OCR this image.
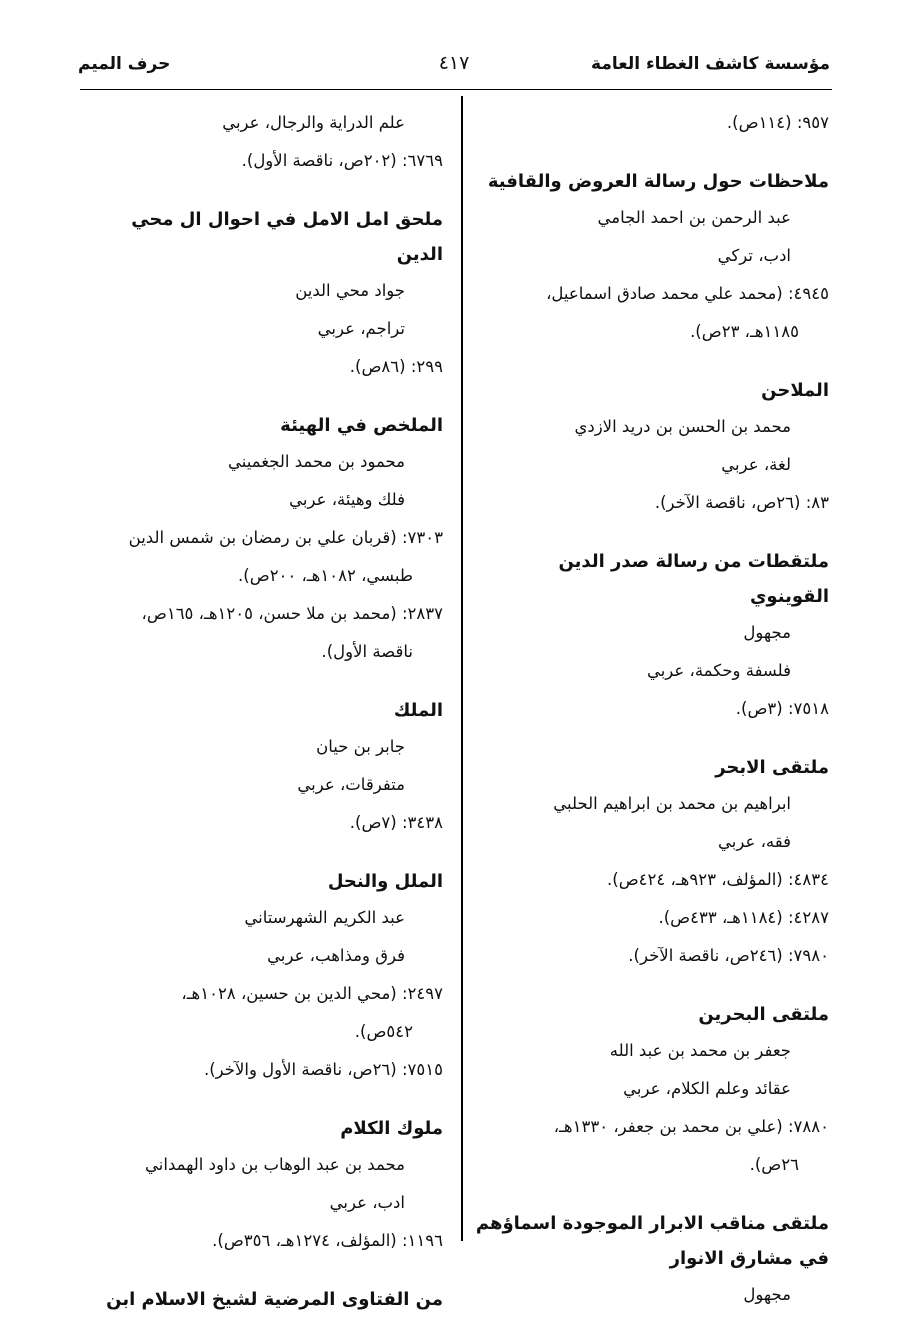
مؤسسة كاشف الغطاء العامة
٤١٧
حرف الميم
٩٥٧: (١١٤ص).
ملاحظات حول رسالة العروض والقافية
عبد الرحمن بن احمد الجامي
ادب، تركي
٤٩٤٥: (محمد علي محمد صادق اسماعيل،
١١٨٥هـ، ٢٣ص).
الملاحن
محمد بن الحسن بن دريد الازدي
لغة، عربي
٨٣: (٢٦ص، ناقصة الآخر).
ملتقطات من رسالة صدر الدين القوينوي
مجهول
فلسفة وحكمة، عربي
٧٥١٨: (٣ص).
ملتقى الابحر
ابراهيم بن محمد بن ابراهيم الحلبي
فقه، عربي
٤٨٣٤: (المؤلف، ٩٢٣هـ، ٤٢٤ص).
٤٢٨٧: (١١٨٤هـ، ٤٣٣ص).
٧٩٨٠: (٢٤٦ص، ناقصة الآخر).
ملتقى البحرين
جعفر بن محمد بن عبد الله
عقائد وعلم الكلام، عربي
٧٨٨٠: (علي بن محمد بن جعفر، ١٣٣٠هـ،
٢٦ص).
ملتقى مناقب الابرار الموجودة اسماؤهم في مشارق الانوار
مجهول
علم الدراية والرجال، عربي
٦٧٦٩: (٢٠٢ص، ناقصة الأول).
ملحق امل الامل في احوال ال محي الدين
جواد محي الدين
تراجم، عربي
٢٩٩: (٨٦ص).
الملخص في الهيئة
محمود بن محمد الجغميني
فلك وهيئة، عربي
٧٣٠٣: (قربان علي بن رمضان بن شمس الدين
طبسي، ١٠٨٢هـ، ٢٠٠ص).
٢٨٣٧: (محمد بن ملا حسن، ١٢٠٥هـ، ١٦٥ص،
ناقصة الأول).
الملك
جابر بن حيان
متفرقات، عربي
٣٤٣٨: (٧ص).
الملل والنحل
عبد الكريم الشهرستاني
فرق ومذاهب، عربي
٢٤٩٧: (محي الدين بن حسين، ١٠٢٨هـ،
٥٤٢ص).
٧٥١٥: (٢٦ص، ناقصة الأول والآخر).
ملوك الكلام
محمد بن عبد الوهاب بن داود الهمداني
ادب، عربي
١١٩٦: (المؤلف، ١٢٧٤هـ، ٣٥٦ص).
من الفتاوى المرضية لشيخ الاسلام ابن
